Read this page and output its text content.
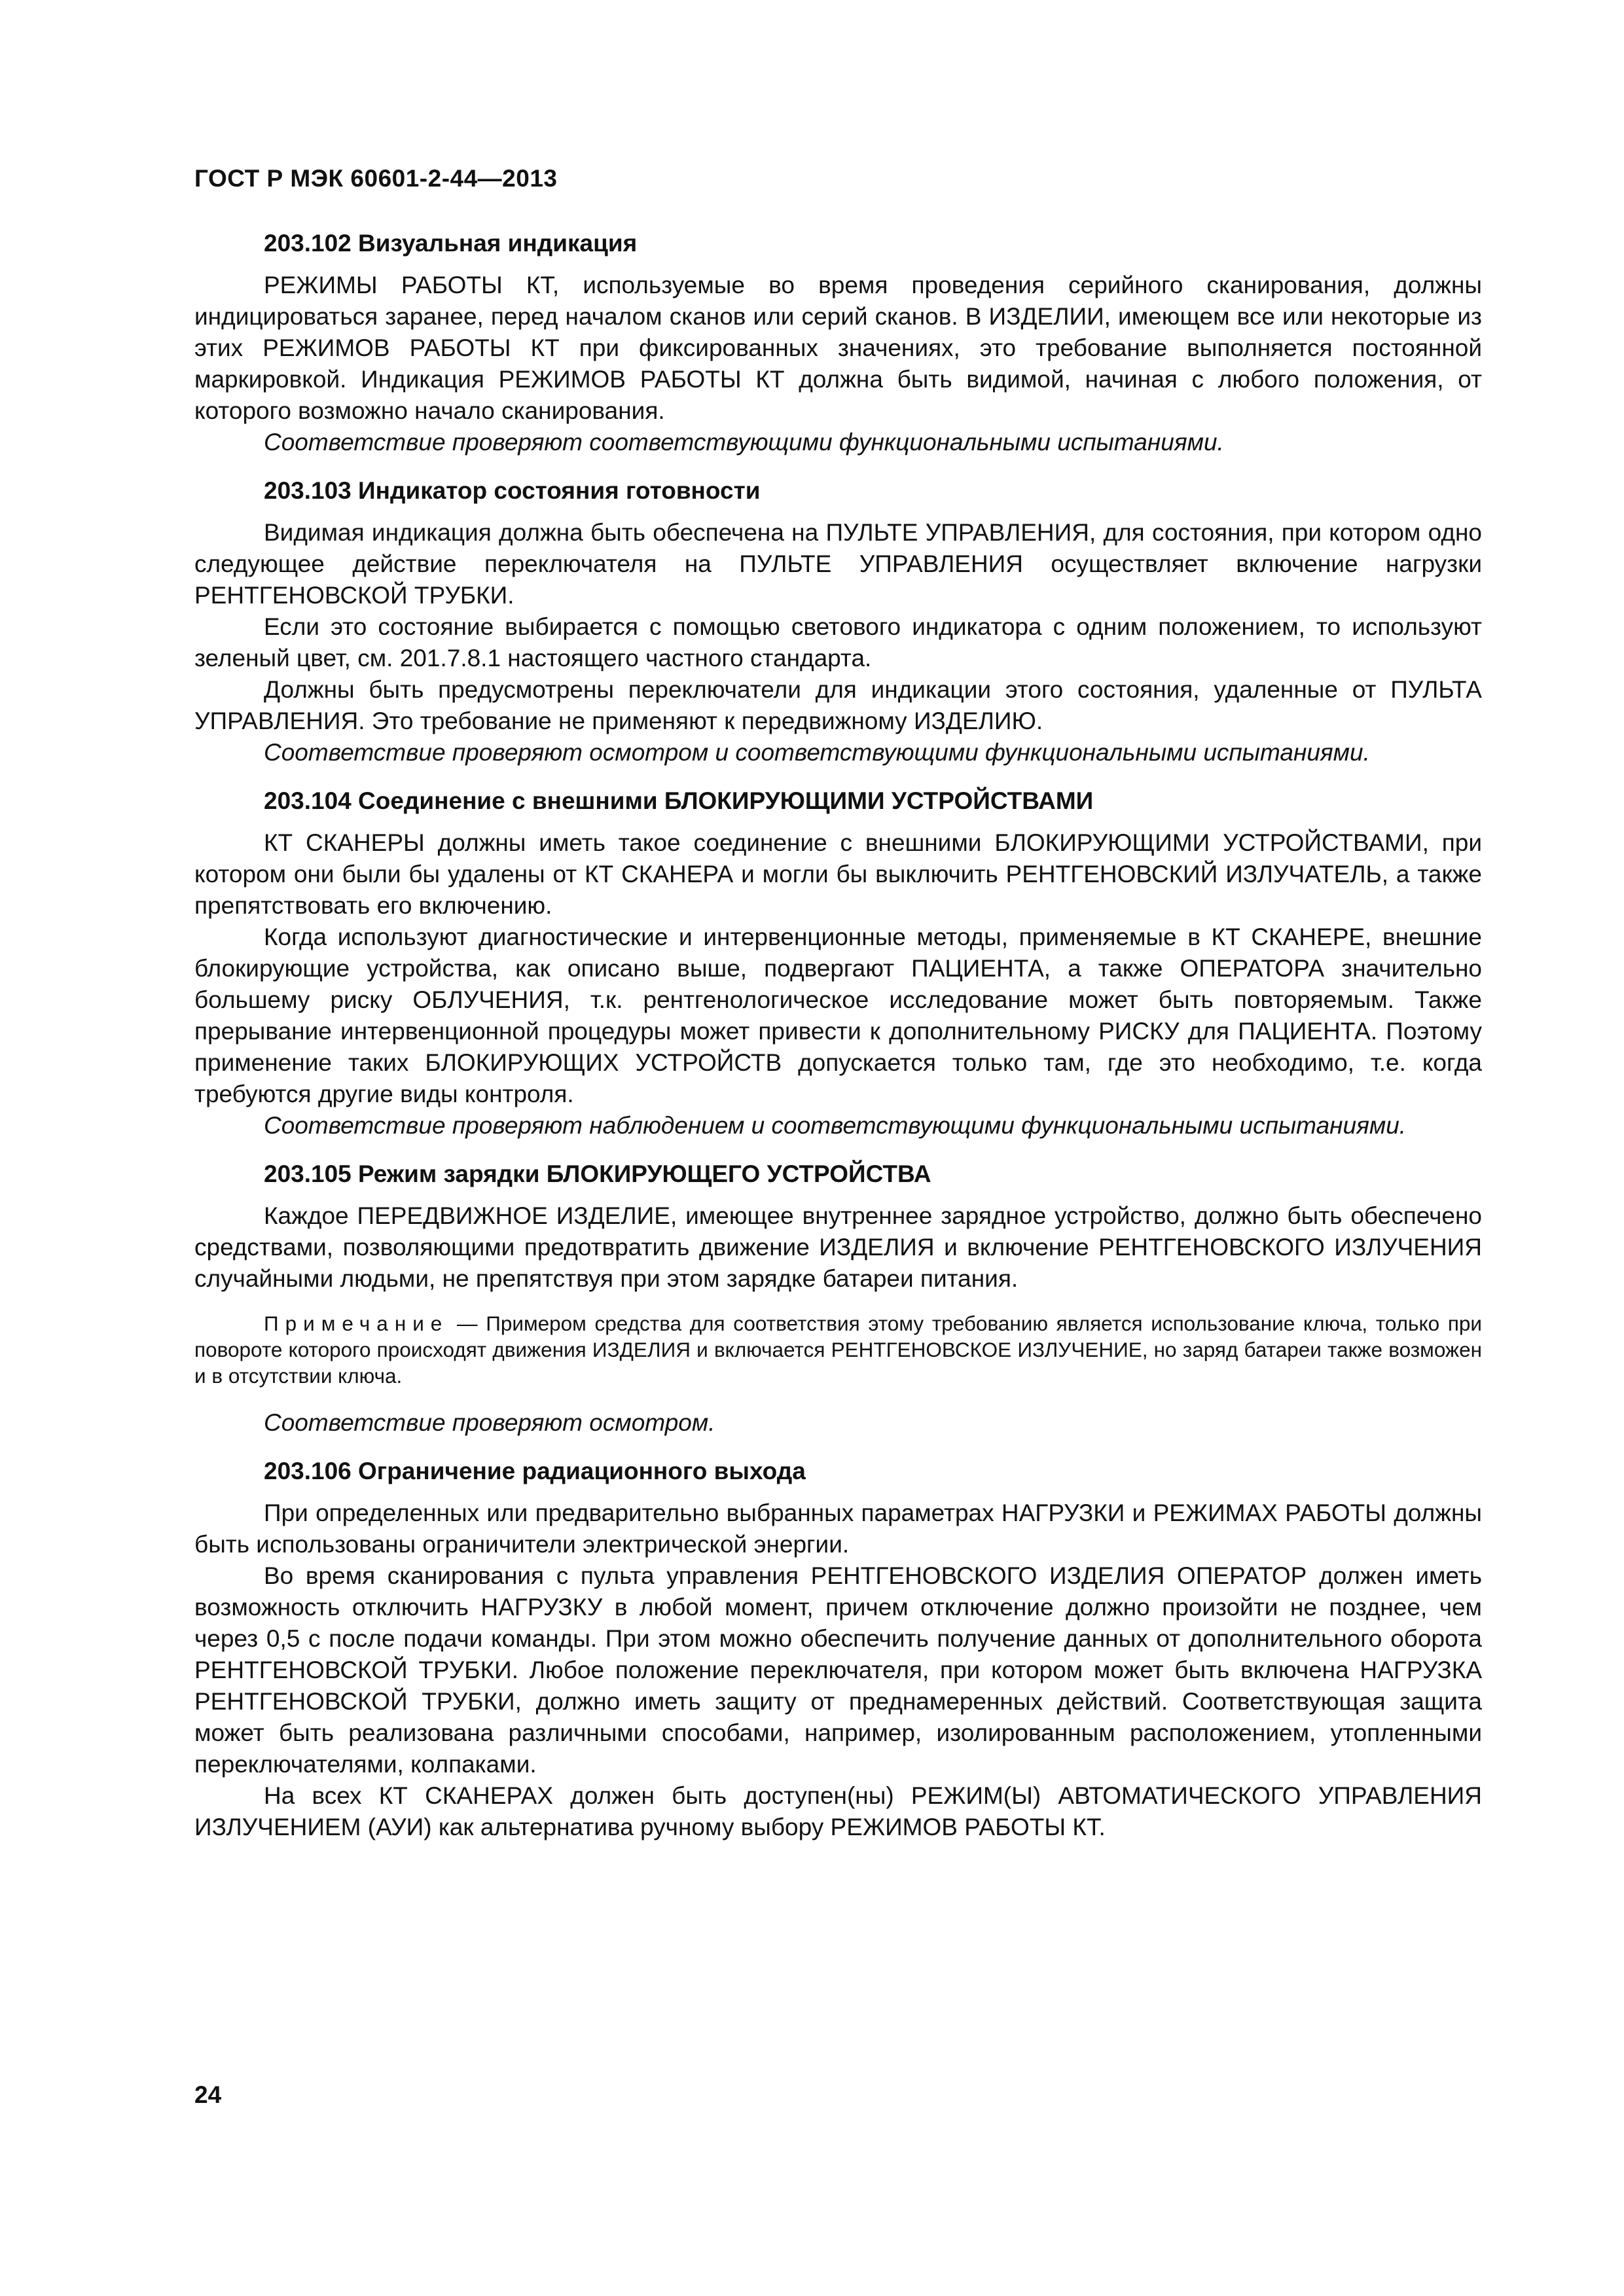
ГОСТ Р МЭК 60601-2-44—2013

203.102 Визуальная индикация

РЕЖИМЫ РАБОТЫ КТ, используемые во время проведения серийного сканирования, должны индицироваться заранее, перед началом сканов или серий сканов. В ИЗДЕЛИИ, имеющем все или некоторые из этих РЕЖИМОВ РАБОТЫ КТ при фиксированных значениях, это требование выполняется постоянной маркировкой. Индикация РЕЖИМОВ РАБОТЫ КТ должна быть видимой, начиная с любого положения, от которого возможно начало сканирования.

Соответствие проверяют соответствующими функциональными испытаниями.

203.103 Индикатор состояния готовности

Видимая индикация должна быть обеспечена на ПУЛЬТЕ УПРАВЛЕНИЯ, для состояния, при котором одно следующее действие переключателя на ПУЛЬТЕ УПРАВЛЕНИЯ осуществляет включение нагрузки РЕНТГЕНОВСКОЙ ТРУБКИ.

Если это состояние выбирается с помощью светового индикатора с одним положением, то используют зеленый цвет, см. 201.7.8.1 настоящего частного стандарта.

Должны быть предусмотрены переключатели для индикации этого состояния, удаленные от ПУЛЬТА УПРАВЛЕНИЯ. Это требование не применяют к передвижному ИЗДЕЛИЮ.

Соответствие проверяют осмотром и соответствующими функциональными испытаниями.

203.104 Соединение с внешними БЛОКИРУЮЩИМИ УСТРОЙСТВАМИ

КТ СКАНЕРЫ должны иметь такое соединение с внешними БЛОКИРУЮЩИМИ УСТРОЙСТВАМИ, при котором они были бы удалены от КТ СКАНЕРА и могли бы выключить РЕНТГЕНОВСКИЙ ИЗЛУЧАТЕЛЬ, а также препятствовать его включению.

Когда используют диагностические и интервенционные методы, применяемые в КТ СКАНЕРЕ, внешние блокирующие устройства, как описано выше, подвергают ПАЦИЕНТА, а также ОПЕРАТОРА значительно большему риску ОБЛУЧЕНИЯ, т.к. рентгенологическое исследование может быть повторяемым. Также прерывание интервенционной процедуры может привести к дополнительному РИСКУ для ПАЦИЕНТА. Поэтому применение таких БЛОКИРУЮЩИХ УСТРОЙСТВ допускается только там, где это необходимо, т.е. когда требуются другие виды контроля.

Соответствие проверяют наблюдением и соответствующими функциональными испытаниями.

203.105 Режим зарядки БЛОКИРУЮЩЕГО УСТРОЙСТВА

Каждое ПЕРЕДВИЖНОЕ ИЗДЕЛИЕ, имеющее внутреннее зарядное устройство, должно быть обеспечено средствами, позволяющими предотвратить движение ИЗДЕЛИЯ и включение РЕНТГЕНОВСКОГО ИЗЛУЧЕНИЯ случайными людьми, не препятствуя при этом зарядке батареи питания.

Примечание — Примером средства для соответствия этому требованию является использование ключа, только при повороте которого происходят движения ИЗДЕЛИЯ и включается РЕНТГЕНОВСКОЕ ИЗЛУЧЕНИЕ, но заряд батареи также возможен и в отсутствии ключа.

Соответствие проверяют осмотром.

203.106 Ограничение радиационного выхода

При определенных или предварительно выбранных параметрах НАГРУЗКИ и РЕЖИМАХ РАБОТЫ должны быть использованы ограничители электрической энергии.

Во время сканирования с пульта управления РЕНТГЕНОВСКОГО ИЗДЕЛИЯ ОПЕРАТОР должен иметь возможность отключить НАГРУЗКУ в любой момент, причем отключение должно произойти не позднее, чем через 0,5 с после подачи команды. При этом можно обеспечить получение данных от дополнительного оборота РЕНТГЕНОВСКОЙ ТРУБКИ. Любое положение переключателя, при котором может быть включена НАГРУЗКА РЕНТГЕНОВСКОЙ ТРУБКИ, должно иметь защиту от преднамеренных действий. Соответствующая защита может быть реализована различными способами, например, изолированным расположением, утопленными переключателями, колпаками.

На всех КТ СКАНЕРАХ должен быть доступен(ны) РЕЖИМ(Ы) АВТОМАТИЧЕСКОГО УПРАВЛЕНИЯ ИЗЛУЧЕНИЕМ (АУИ) как альтернатива ручному выбору РЕЖИМОВ РАБОТЫ КТ.

24
